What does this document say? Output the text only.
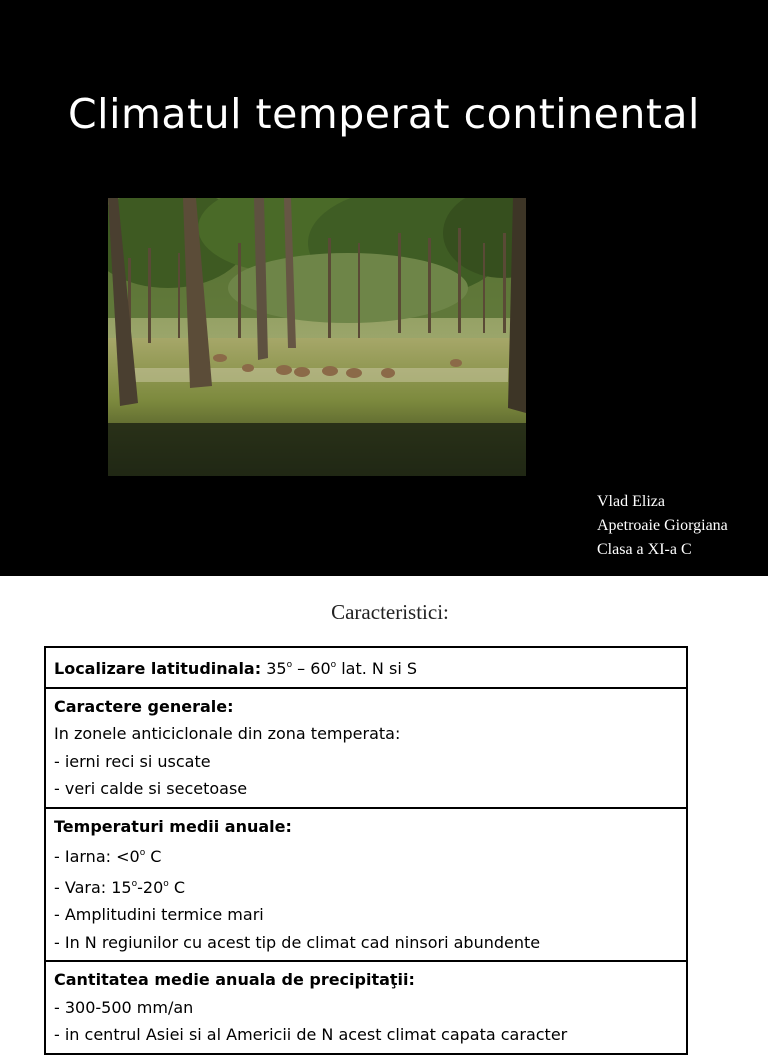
Climatul temperat continental
Vlad Eliza
Apetroaie Giorgiana
Clasa a XI-a C
Caracteristici:
Localizare latitudinala: 35$^o$ – 60$^o$ lat. N si S
Caractere generale:
In zonele anticiclonale din zona temperata:
- ierni reci si uscate
- veri calde si secetoase
Temperaturi medii anuale:
- Iarna: $<0^o$ C
- Vara: 15$^o$-20$^o$ C
- Amplitudini termice mari
- In N regiunilor cu acest tip de climat cad ninsori abundente
Cantitatea medie anuala de precipitaţii:
- 300-500 mm/an
- in centrul Asiei si al Americii de N acest climat capata caracter
